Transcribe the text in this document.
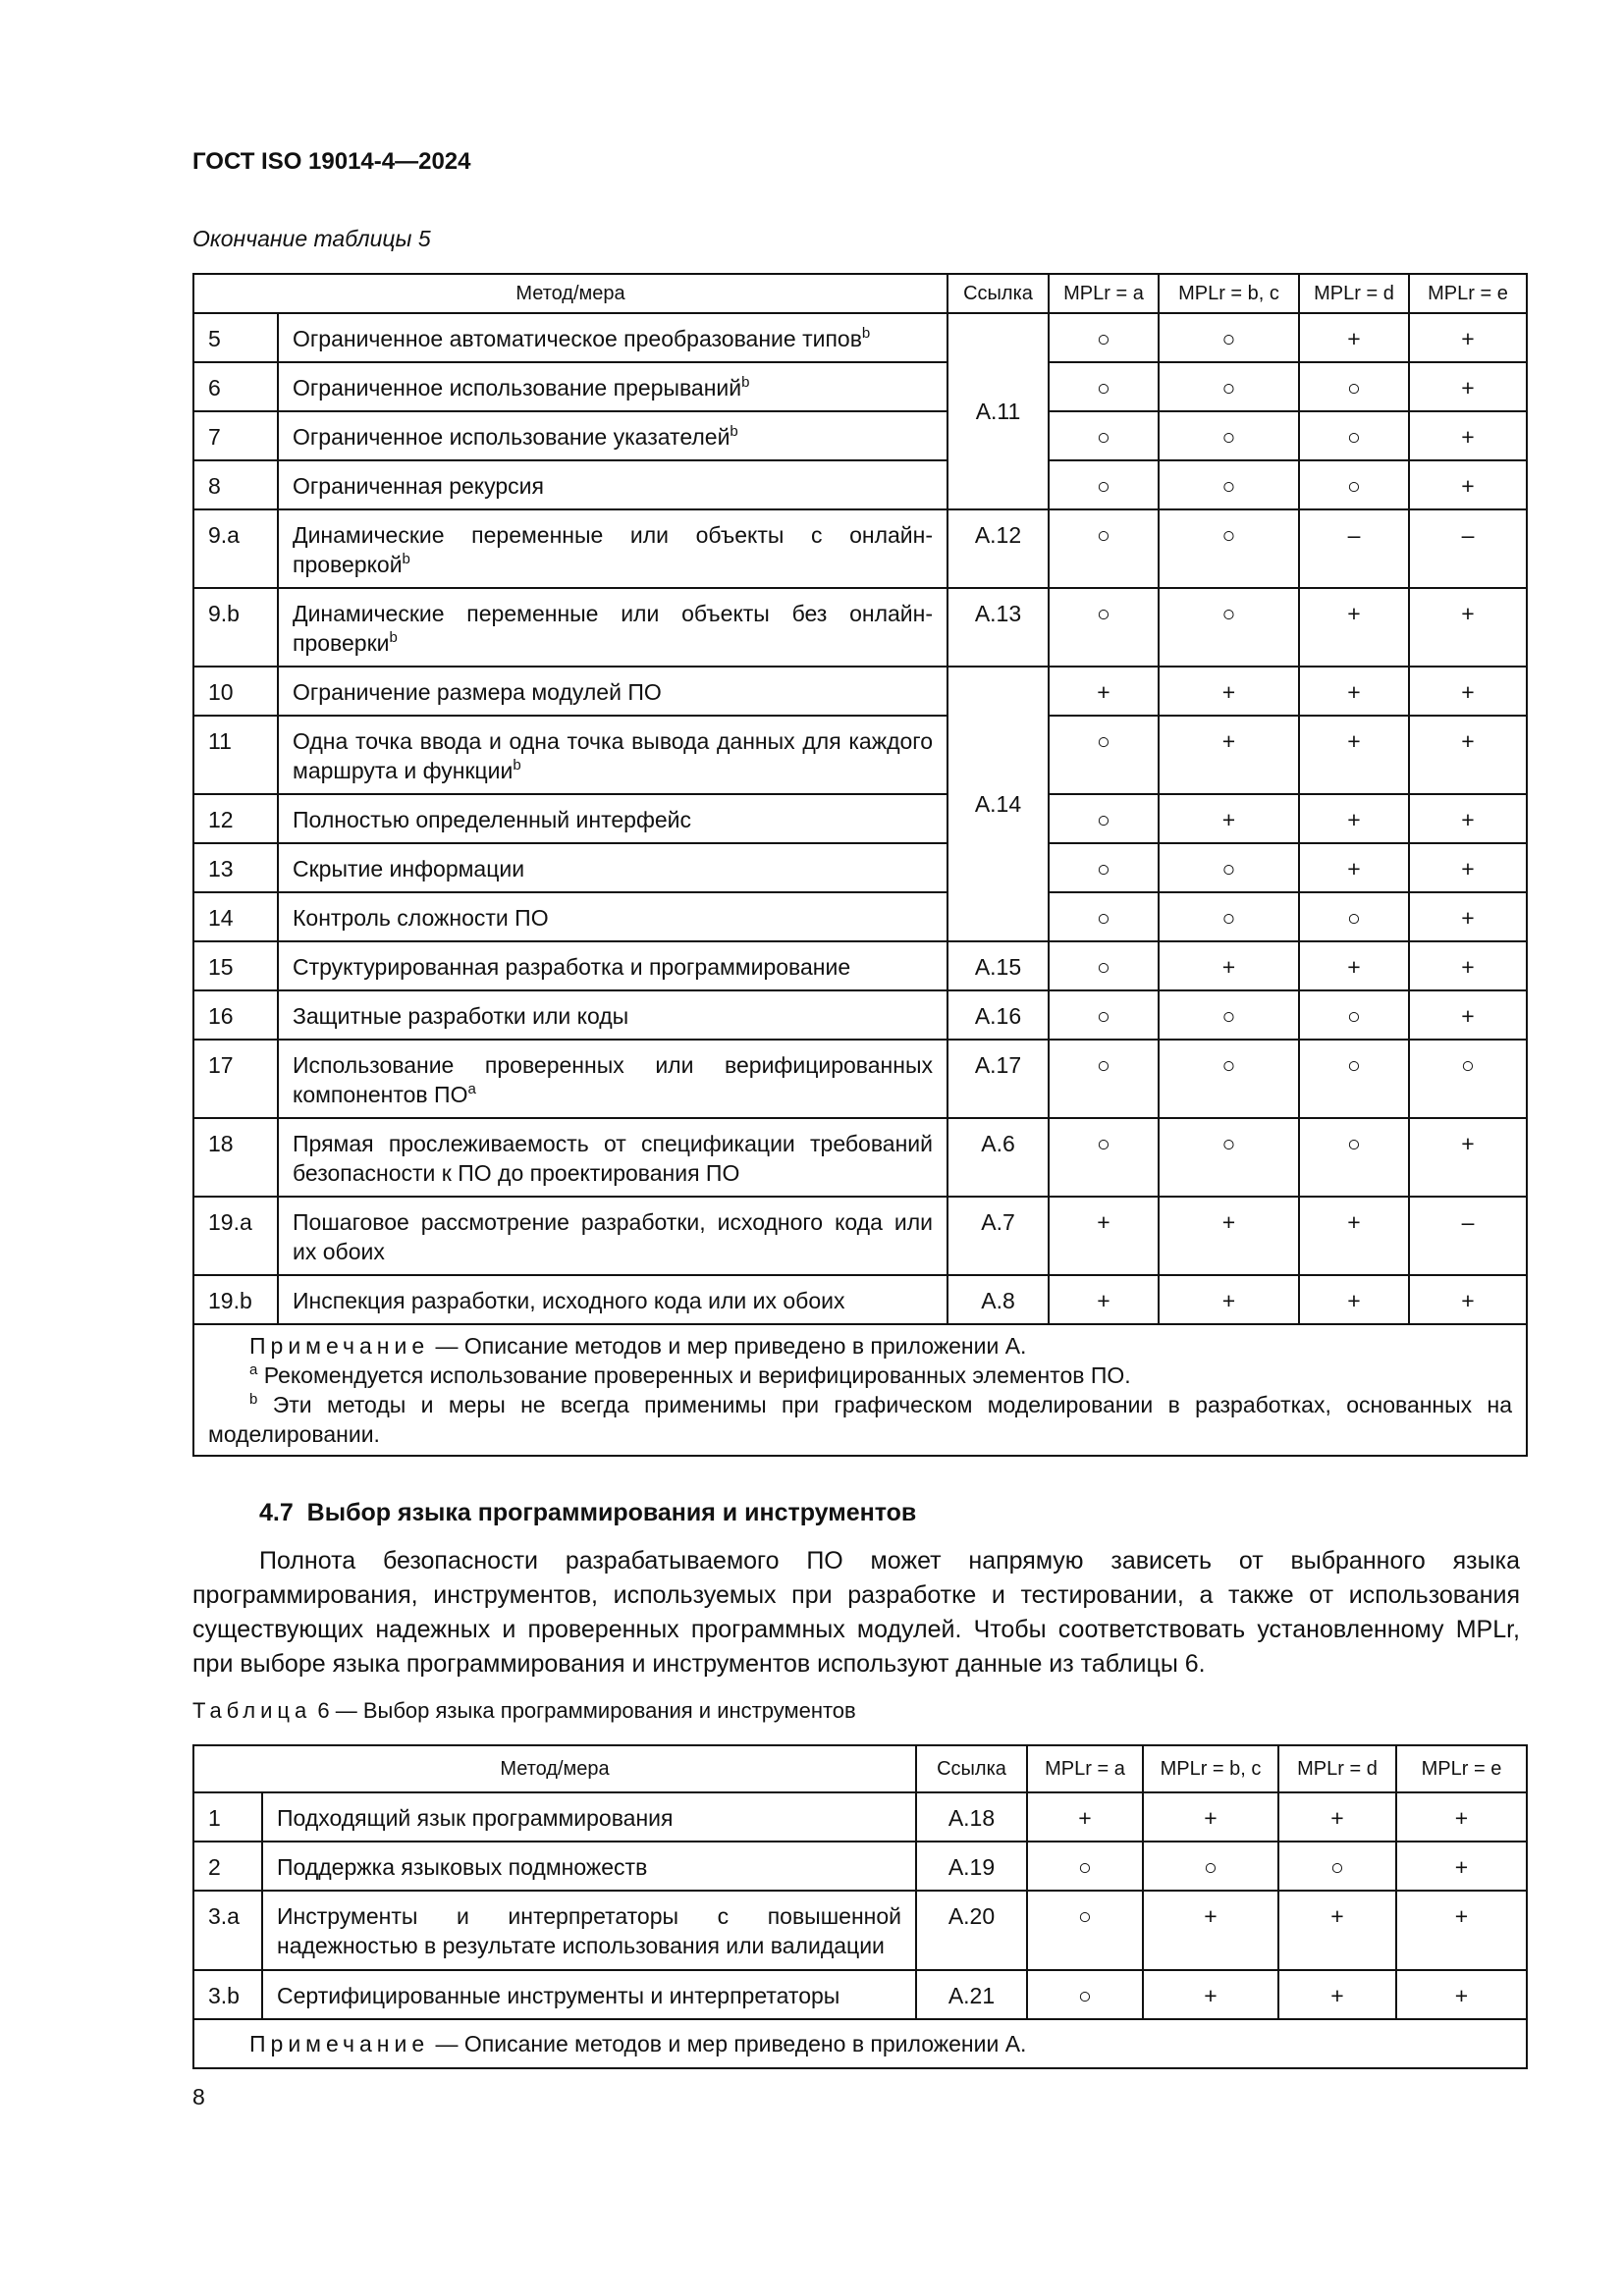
ГОСТ ISO 19014-4—2024
Окончание таблицы 5
Метод/мера		Ссылка	MPLr = a	MPLr = b, c	MPLr = d	MPLr = e
5	Ограниченное автоматическое преобразование типов$^b$	A.11	○	○	+	+
6	Ограниченное использование прерываний$^b$		○	○	○	+
7	Ограниченное использование указателей$^b$		○	○	○	+
8	Ограниченная рекурсия		○	○	○	+
9.a	Динамические переменные или объекты с онлайн-проверкой$^b$	A.12	○	○	–	–
9.b	Динамические переменные или объекты без онлайн-проверки$^b$	A.13	○	○	+	+
10	Ограничение размера модулей ПО	A.14	+	+	+	+
11	Одна точка ввода и одна точка вывода данных для каждого маршрута и функции$^b$		○	+	+	+
12	Полностью определенный интерфейс		○	+	+	+
13	Скрытие информации		○	○	+	+
14	Контроль сложности ПО		○	○	○	+
15	Структурированная разработка и программирование	A.15	○	+	+	+
16	Защитные разработки или коды	A.16	○	○	○	+
17	Использование проверенных или верифицированных компонентов $ПО^a$	A.17	○	○	○	○
18	Прямая прослеживаемость от спецификации требований безопасности к ПО до проектирования ПО	A.6	○	○	○	+
19.a	Пошаговое рассмотрение разработки, исходного кода или их обоих	A.7	+	+	+	–
19.b	Инспекция разработки, исходного кода или их обоих	A.8	+	+	+	+

Примечание — Описание методов и мер приведено в приложении А.
$^a$ Рекомендуется использование проверенных и верифицированных элементов ПО.
$^b$ Эти методы и меры не всегда применимы при графическом моделировании в разработках, основанных на моделировании.						
4.7 Выбор языка программирования и инструментов
Полнота безопасности разрабатываемого ПО может напрямую зависеть от выбранного языка программирования, инструментов, используемых при разработке и тестировании, а также от использования существующих надежных и проверенных программных модулей. Чтобы соответствовать установленному MPLr, при выборе языка программирования и инструментов используют данные из таблицы 6.
Таблица 6 — Выбор языка программирования и инструментов
Метод/мера		Ссылка	MPLr = a	MPLr = b, c	MPLr = d	MPLr = e
1	Подходящий язык программирования	A.18	+	+	+	+
2	Поддержка языковых подмножеств	A.19	○	○	○	+
3.a	Инструменты и интерпретаторы с повышенной надежностью в результате использования или валидации	A.20	○	+	+	+
3.b	Сертифицированные инструменты и интерпретаторы	A.21	○	+	+	+

Примечание — Описание методов и мер приведено в приложении А.						
8
